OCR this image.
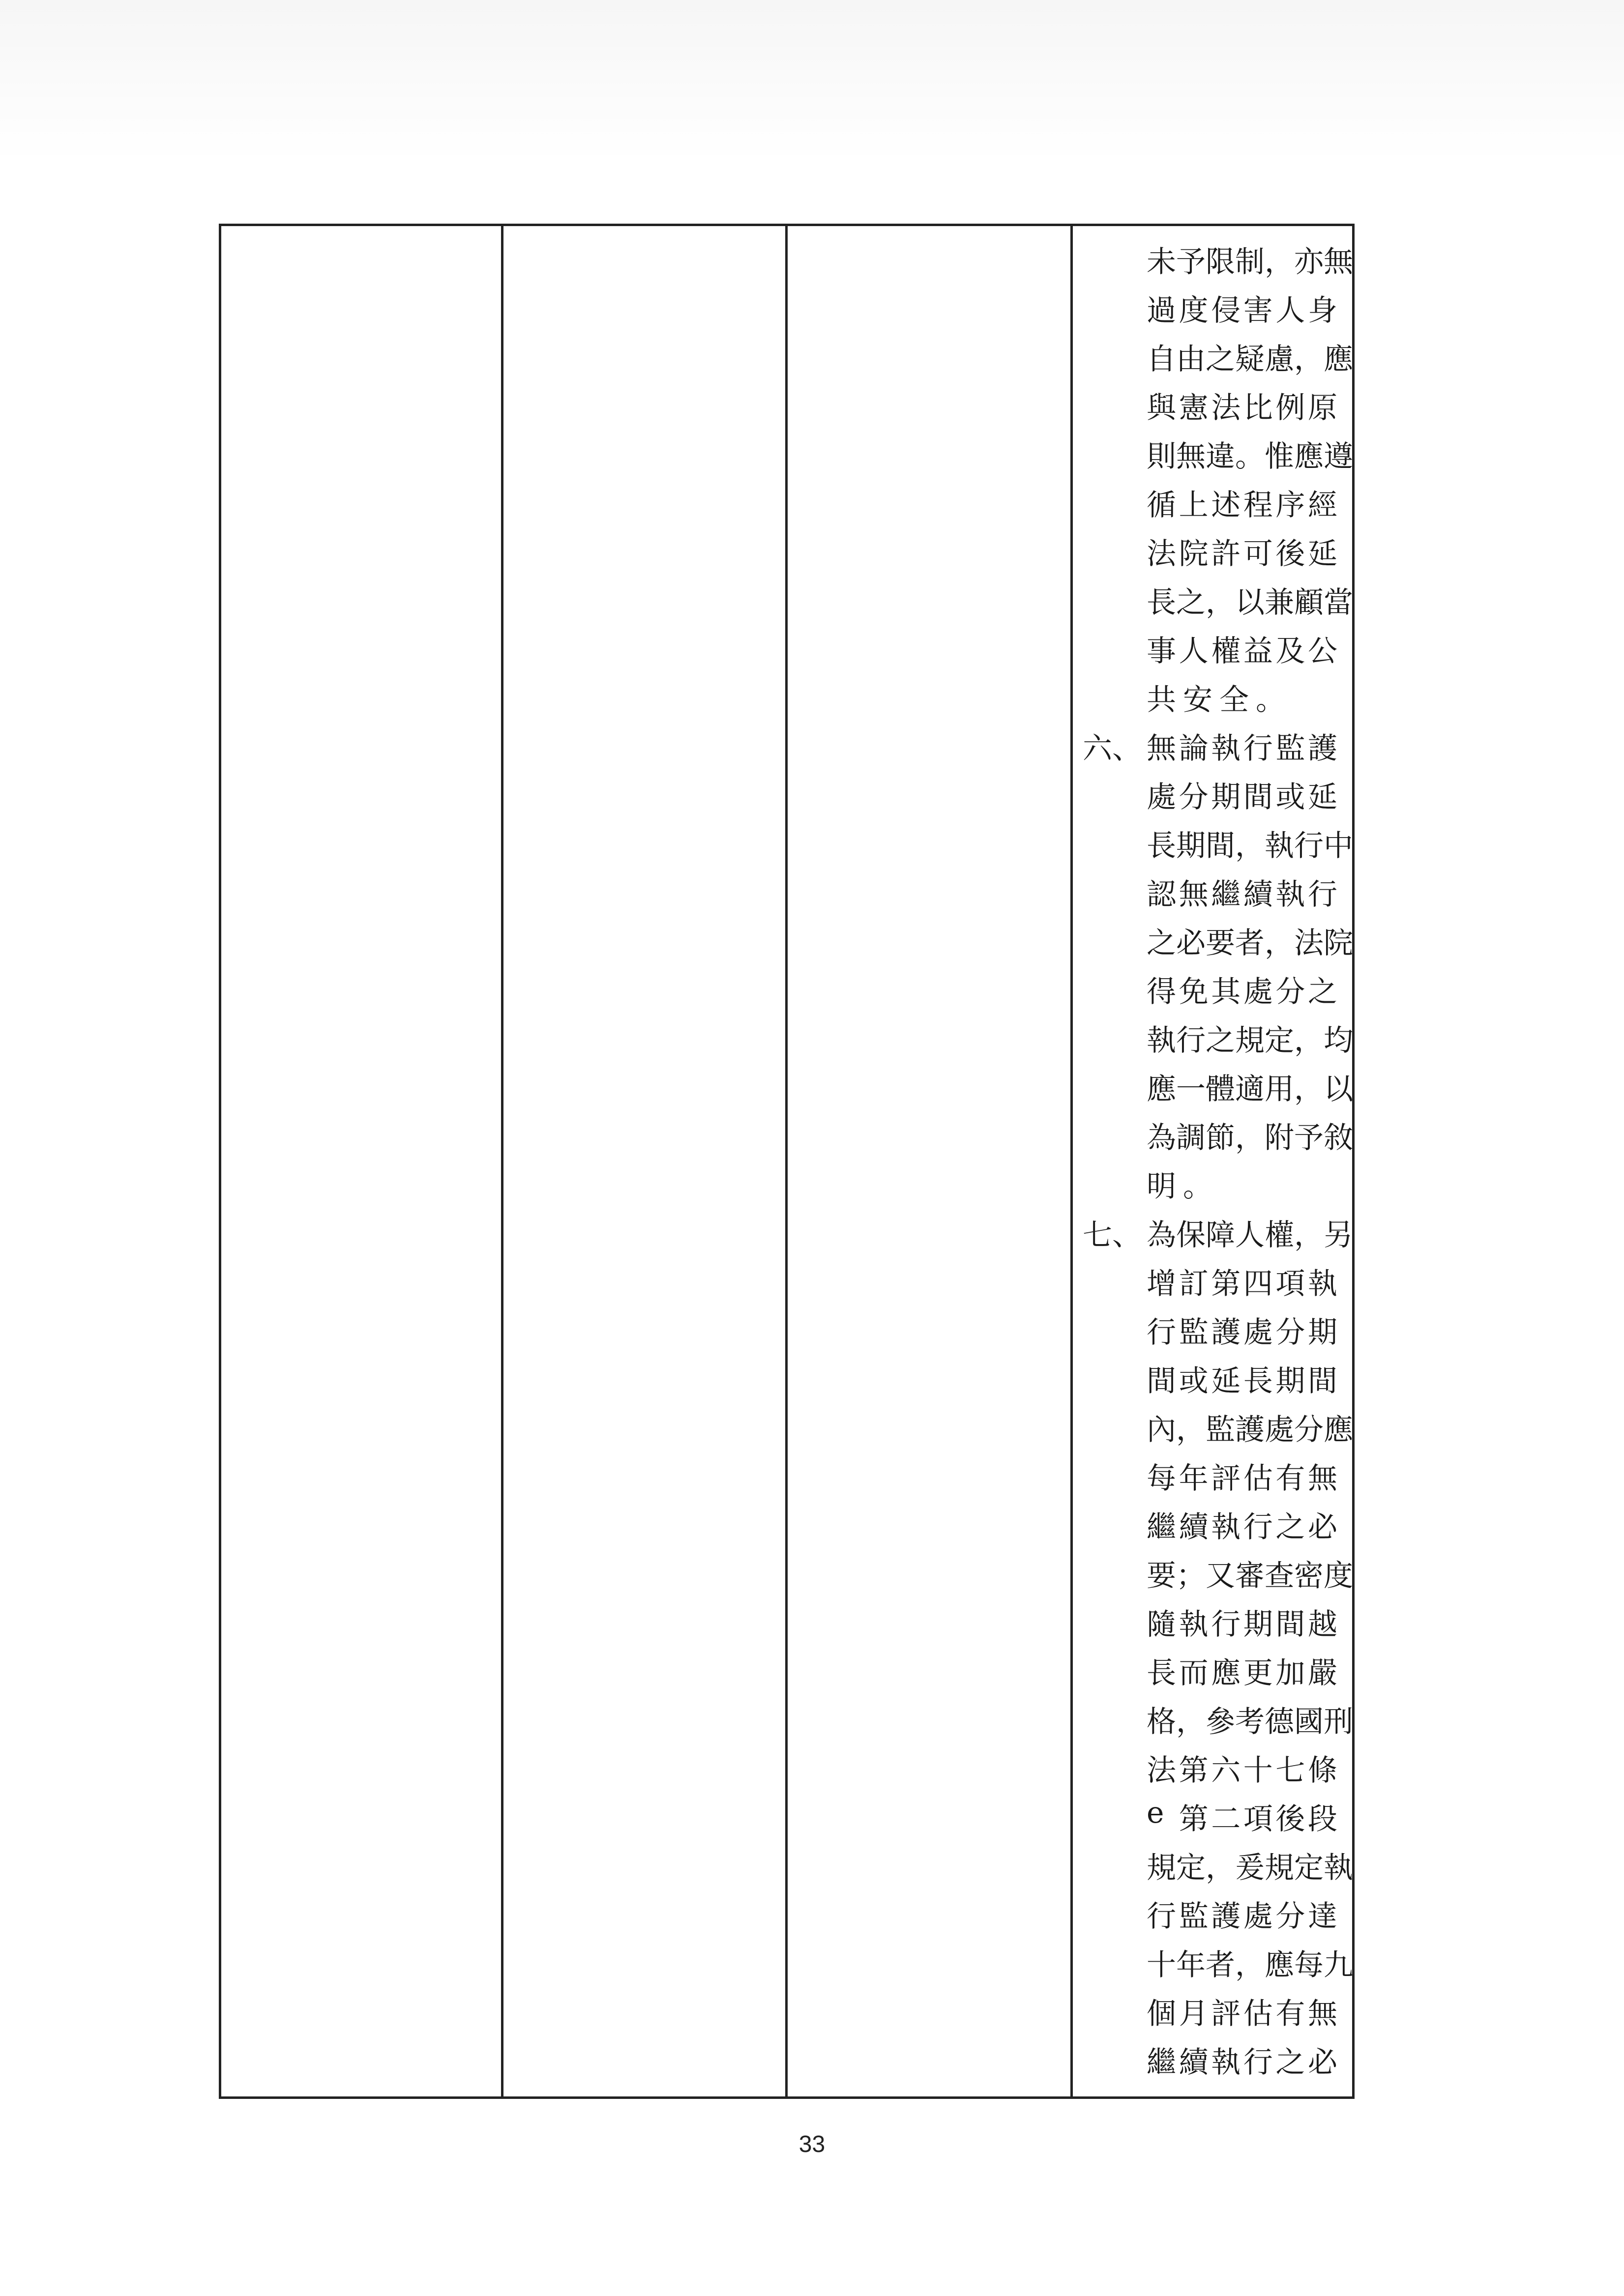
未 予 限 制 ， 亦 無
過 度 侵 害 人 身
自 由 之 疑 慮 ， 應
與 憲 法 比 例 原
則 無 違 。 惟 應 遵
循 上 述 程 序 經
法 院 許 可 後 延
長 之 ， 以 兼 顧 當
事 人 權 益 及 公
共 安 全 。
六、 無 論 執 行 監 護
處 分 期 間 或 延
長 期 間 ， 執 行 中
認 無 繼 續 執 行
之 必 要 者 ， 法 院
得 免 其 處 分 之
執 行 之 規 定 ， 均
應 一 體 適 用 ， 以
為 調 節 ， 附 予 敘
明 。
七、 為 保 障 人 權 ， 另
增 訂 第 四 項 執
行 監 護 處 分 期
間 或 延 長 期 間
內 ， 監 護 處 分 應
每 年 評 估 有 無
繼 續 執 行 之 必
要 ； 又 審 查 密 度
隨 執 行 期 間 越
長 而 應 更 加 嚴
格 ， 參 考 德 國 刑
法 第 六 十 七 條
e
第 二 項 後 段
規 定 ， 爰 規 定 執
行 監 護 處 分 達
十 年 者 ， 應 每 九
個 月 評 估 有 無
繼 續 執 行 之 必
33
